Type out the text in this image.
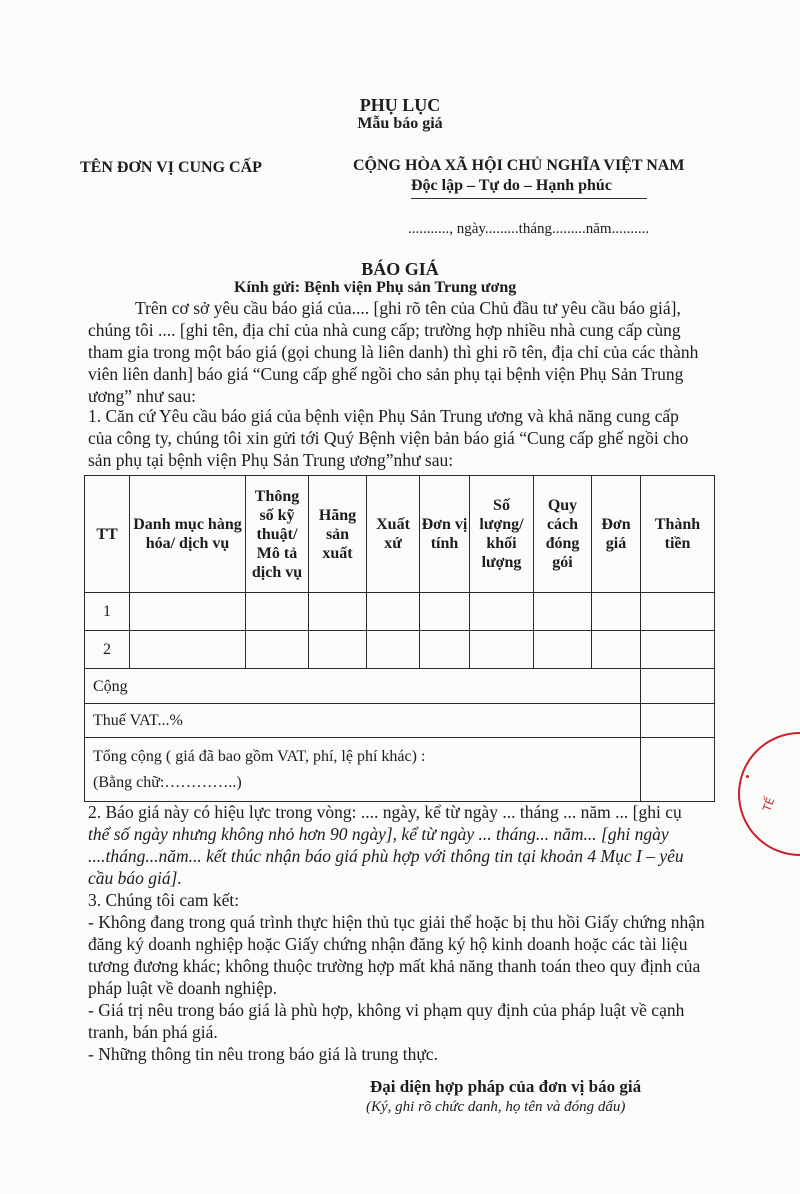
PHỤ LỤC
Mẫu báo giá
TÊN ĐƠN VỊ CUNG CẤP	CỘNG HÒA XÃ HỘI CHỦ NGHĨA VIỆT NAM
Độc lập – Tự do – Hạnh phúc
..........., ngày.........tháng.........năm..........
BÁO GIÁ
Kính gửi: Bệnh viện Phụ sản Trung ương
Trên cơ sở yêu cầu báo giá của.... [ghi rõ tên của Chủ đầu tư yêu cầu báo giá],
chúng tôi .... [ghi tên, địa chỉ của nhà cung cấp; trường hợp nhiều nhà cung cấp cùng
tham gia trong một báo giá (gọi chung là liên danh) thì ghi rõ tên, địa chỉ của các thành
viên liên danh] báo giá “Cung cấp ghế ngồi cho sản phụ tại bệnh viện Phụ Sản Trung
ương” như sau:
1. Căn cứ Yêu cầu báo giá của bệnh viện Phụ Sản Trung ương và khả năng cung cấp
của công ty, chúng tôi xin gửi tới Quý Bệnh viện bản báo giá “Cung cấp ghế ngồi cho
sản phụ tại bệnh viện Phụ Sản Trung ương”như sau:
TT	Danh mục hàng hóa/ dịch vụ	Thông số kỹ thuật/ Mô tả dịch vụ	Hãng sản xuất	Xuất xứ	Đơn vị tính	Số lượng/ khối lượng	Quy cách đóng gói	Đơn giá	Thành tiền
1									
2									
Cộng									
Thuế VAT...%									

Tổng cộng ( giá đã bao gồm VAT, phí, lệ phí khác) :
(Bằng chữ:…………..)									

2. Báo giá này có hiệu lực trong vòng: .... ngày, kể từ ngày ... tháng ... năm ... [ghi cụ
thể số ngày nhưng không nhỏ hơn 90 ngày], kể từ ngày ... tháng... năm... [ghi ngày
....tháng...năm... kết thúc nhận báo giá phù hợp với thông tin tại khoản 4 Mục I – yêu
cầu báo giá].
3. Chúng tôi cam kết:
- Không đang trong quá trình thực hiện thủ tục giải thể hoặc bị thu hồi Giấy chứng nhận
đăng ký doanh nghiệp hoặc Giấy chứng nhận đăng ký hộ kinh doanh hoặc các tài liệu
tương đương khác; không thuộc trường hợp mất khả năng thanh toán theo quy định của
pháp luật về doanh nghiệp.
- Giá trị nêu trong báo giá là phù hợp, không vi phạm quy định của pháp luật về cạnh
tranh, bán phá giá.
- Những thông tin nêu trong báo giá là trung thực.
Đại diện hợp pháp của đơn vị báo giá
(Ký, ghi rõ chức danh, họ tên và đóng dấu)
TẾ
